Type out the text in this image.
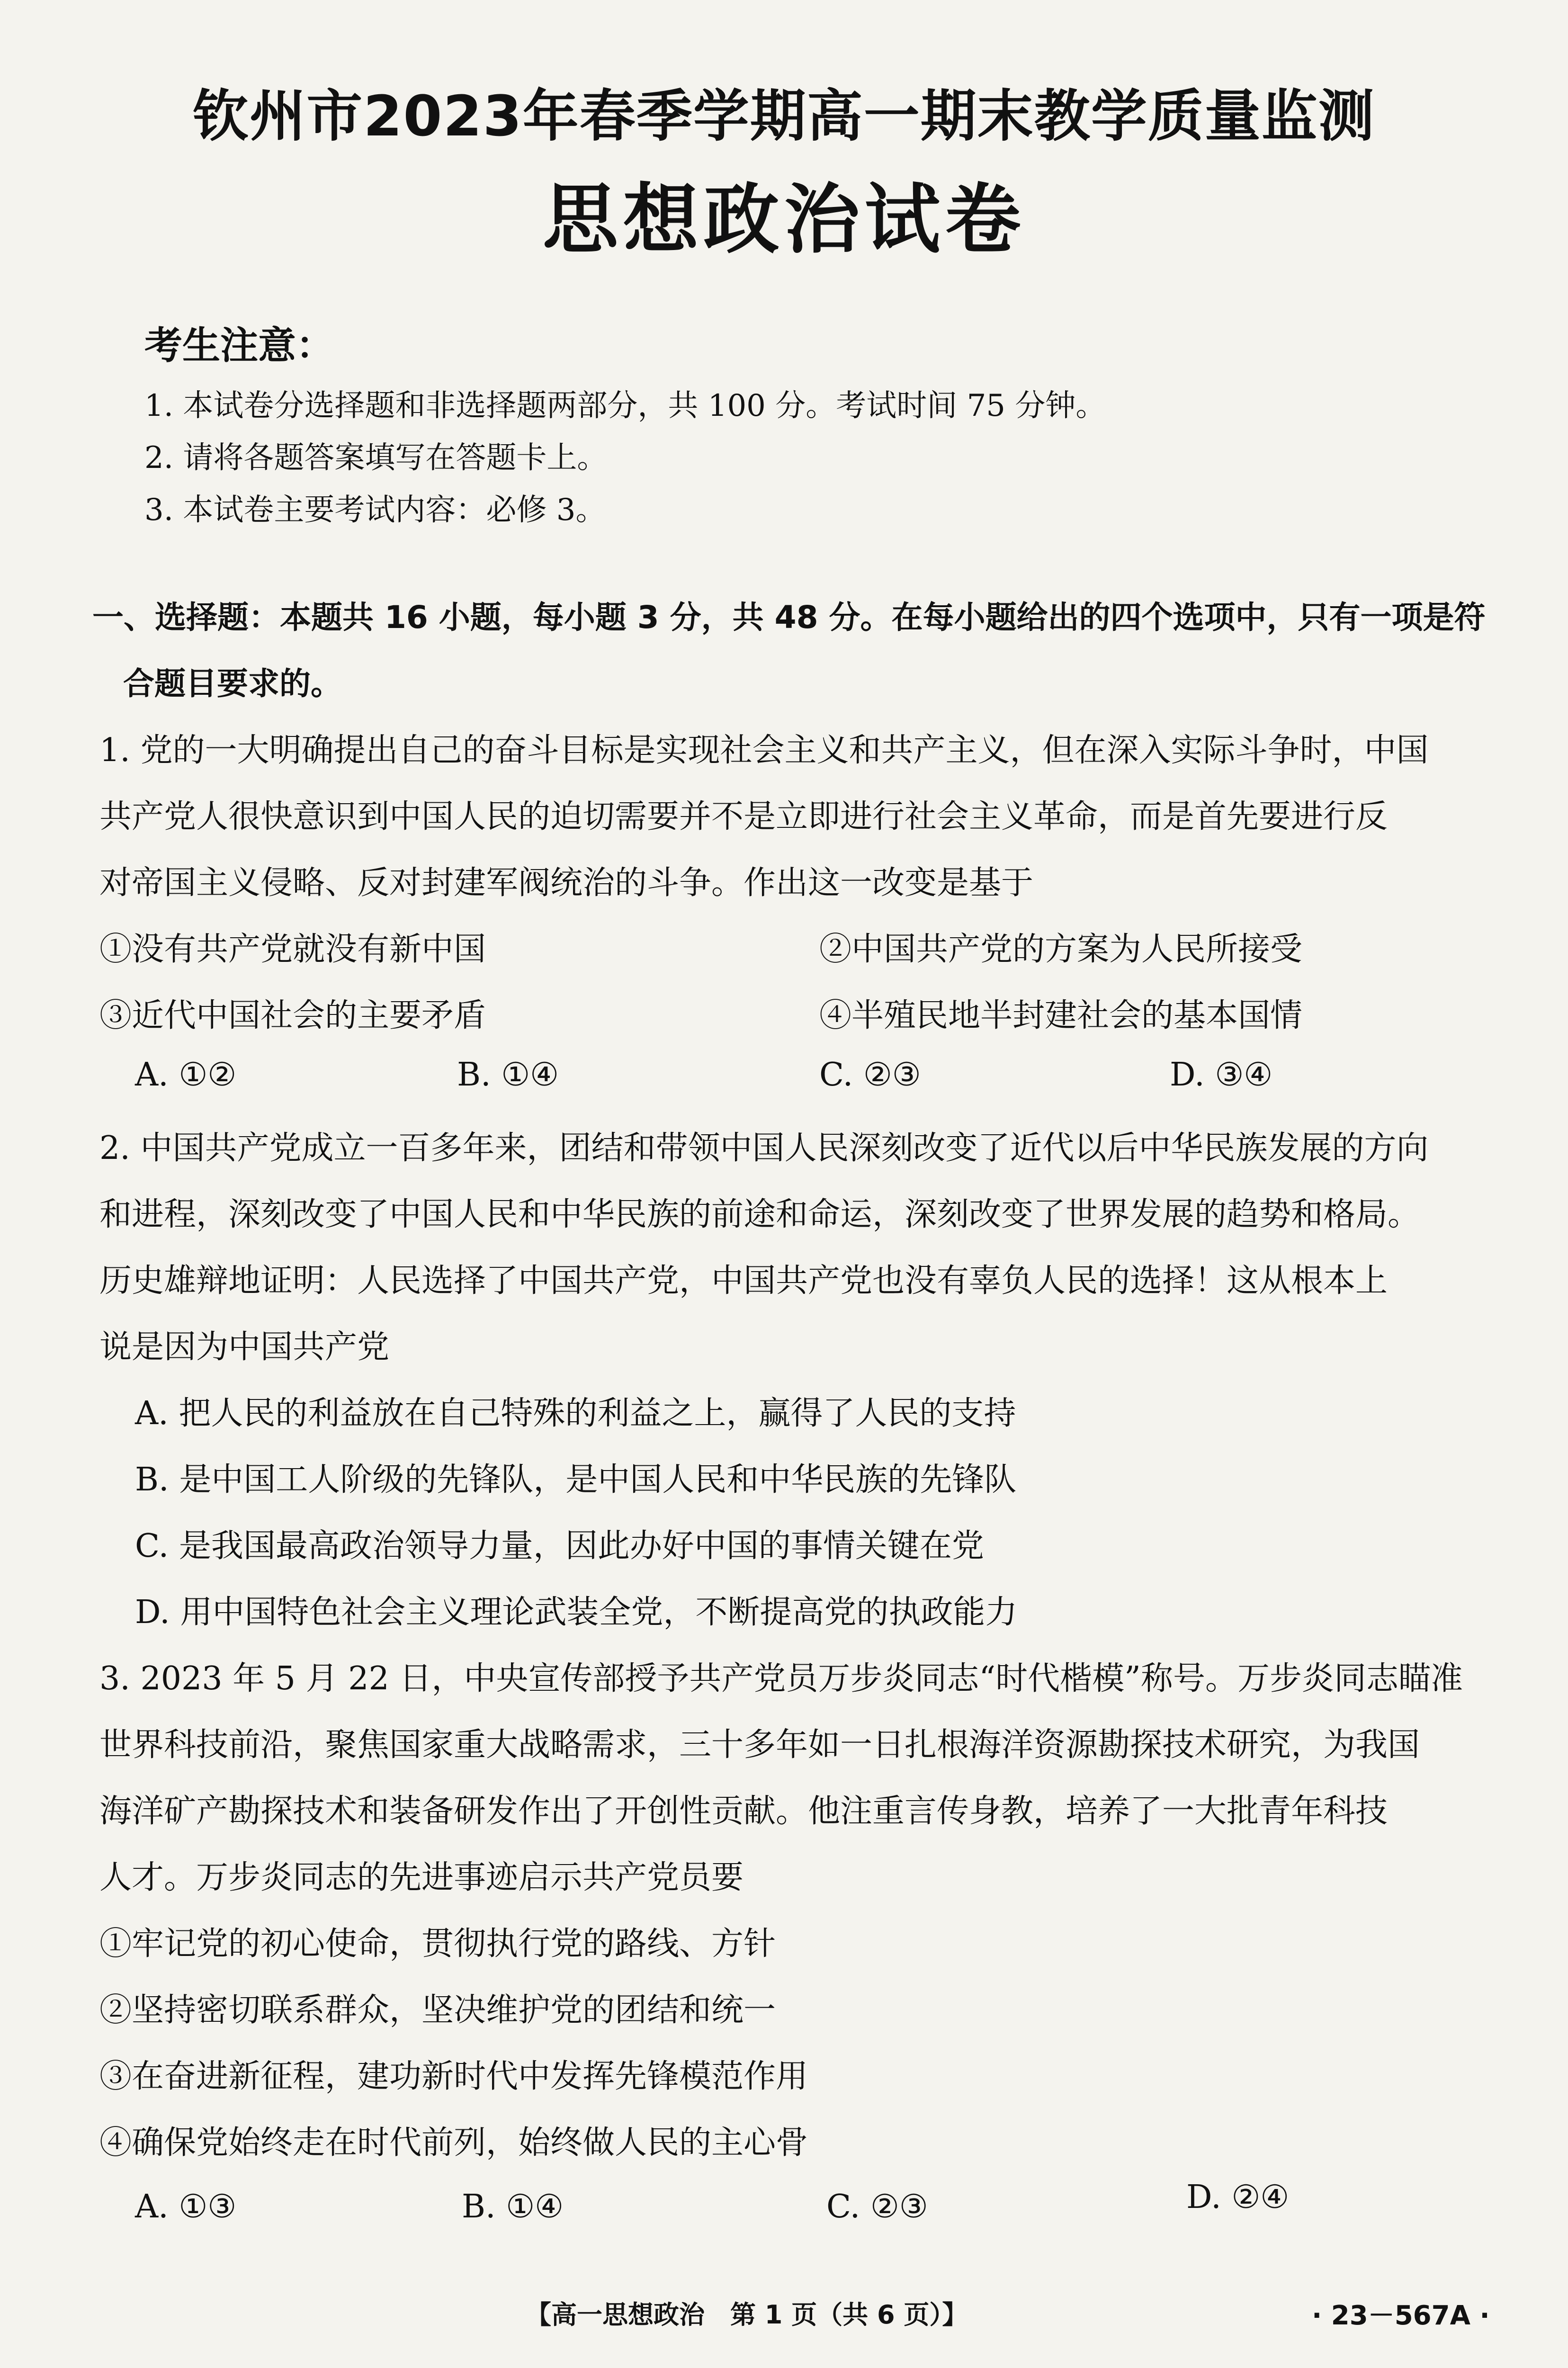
钦州市2023年春季学期高一期末教学质量监测
思想政治试卷
考生注意：
1. 本试卷分选择题和非选择题两部分，共 100 分。考试时间 75 分钟。
2. 请将各题答案填写在答题卡上。
3. 本试卷主要考试内容：必修 3。
一、选择题：本题共 16 小题，每小题 3 分，共 48 分。在每小题给出的四个选项中，只有一项是符
合题目要求的。
1. 党的一大明确提出自己的奋斗目标是实现社会主义和共产主义，但在深入实际斗争时，中国
共产党人很快意识到中国人民的迫切需要并不是立即进行社会主义革命，而是首先要进行反
对帝国主义侵略、反对封建军阀统治的斗争。作出这一改变是基于
①没有共产党就没有新中国	②中国共产党的方案为人民所接受
③近代中国社会的主要矛盾	④半殖民地半封建社会的基本国情
A. ①②	B. ①④	C. ②③	D. ③④
2. 中国共产党成立一百多年来，团结和带领中国人民深刻改变了近代以后中华民族发展的方向
和进程，深刻改变了中国人民和中华民族的前途和命运，深刻改变了世界发展的趋势和格局。
历史雄辩地证明：人民选择了中国共产党，中国共产党也没有辜负人民的选择！这从根本上
说是因为中国共产党
A. 把人民的利益放在自己特殊的利益之上，赢得了人民的支持
B. 是中国工人阶级的先锋队，是中国人民和中华民族的先锋队
C. 是我国最高政治领导力量，因此办好中国的事情关键在党
D. 用中国特色社会主义理论武装全党，不断提高党的执政能力
3. 2023 年 5 月 22 日，中央宣传部授予共产党员万步炎同志“时代楷模”称号。万步炎同志瞄准
世界科技前沿，聚焦国家重大战略需求，三十多年如一日扎根海洋资源勘探技术研究，为我国
海洋矿产勘探技术和装备研发作出了开创性贡献。他注重言传身教，培养了一大批青年科技
人才。万步炎同志的先进事迹启示共产党员要
①牢记党的初心使命，贯彻执行党的路线、方针
②坚持密切联系群众，坚决维护党的团结和统一
③在奋进新征程，建功新时代中发挥先锋模范作用
④确保党始终走在时代前列，始终做人民的主心骨
A. ①③	B. ①④	C. ②③	D. ②④
【高一思想政治　第 1 页（共 6 页）】	· 23－567A ·
